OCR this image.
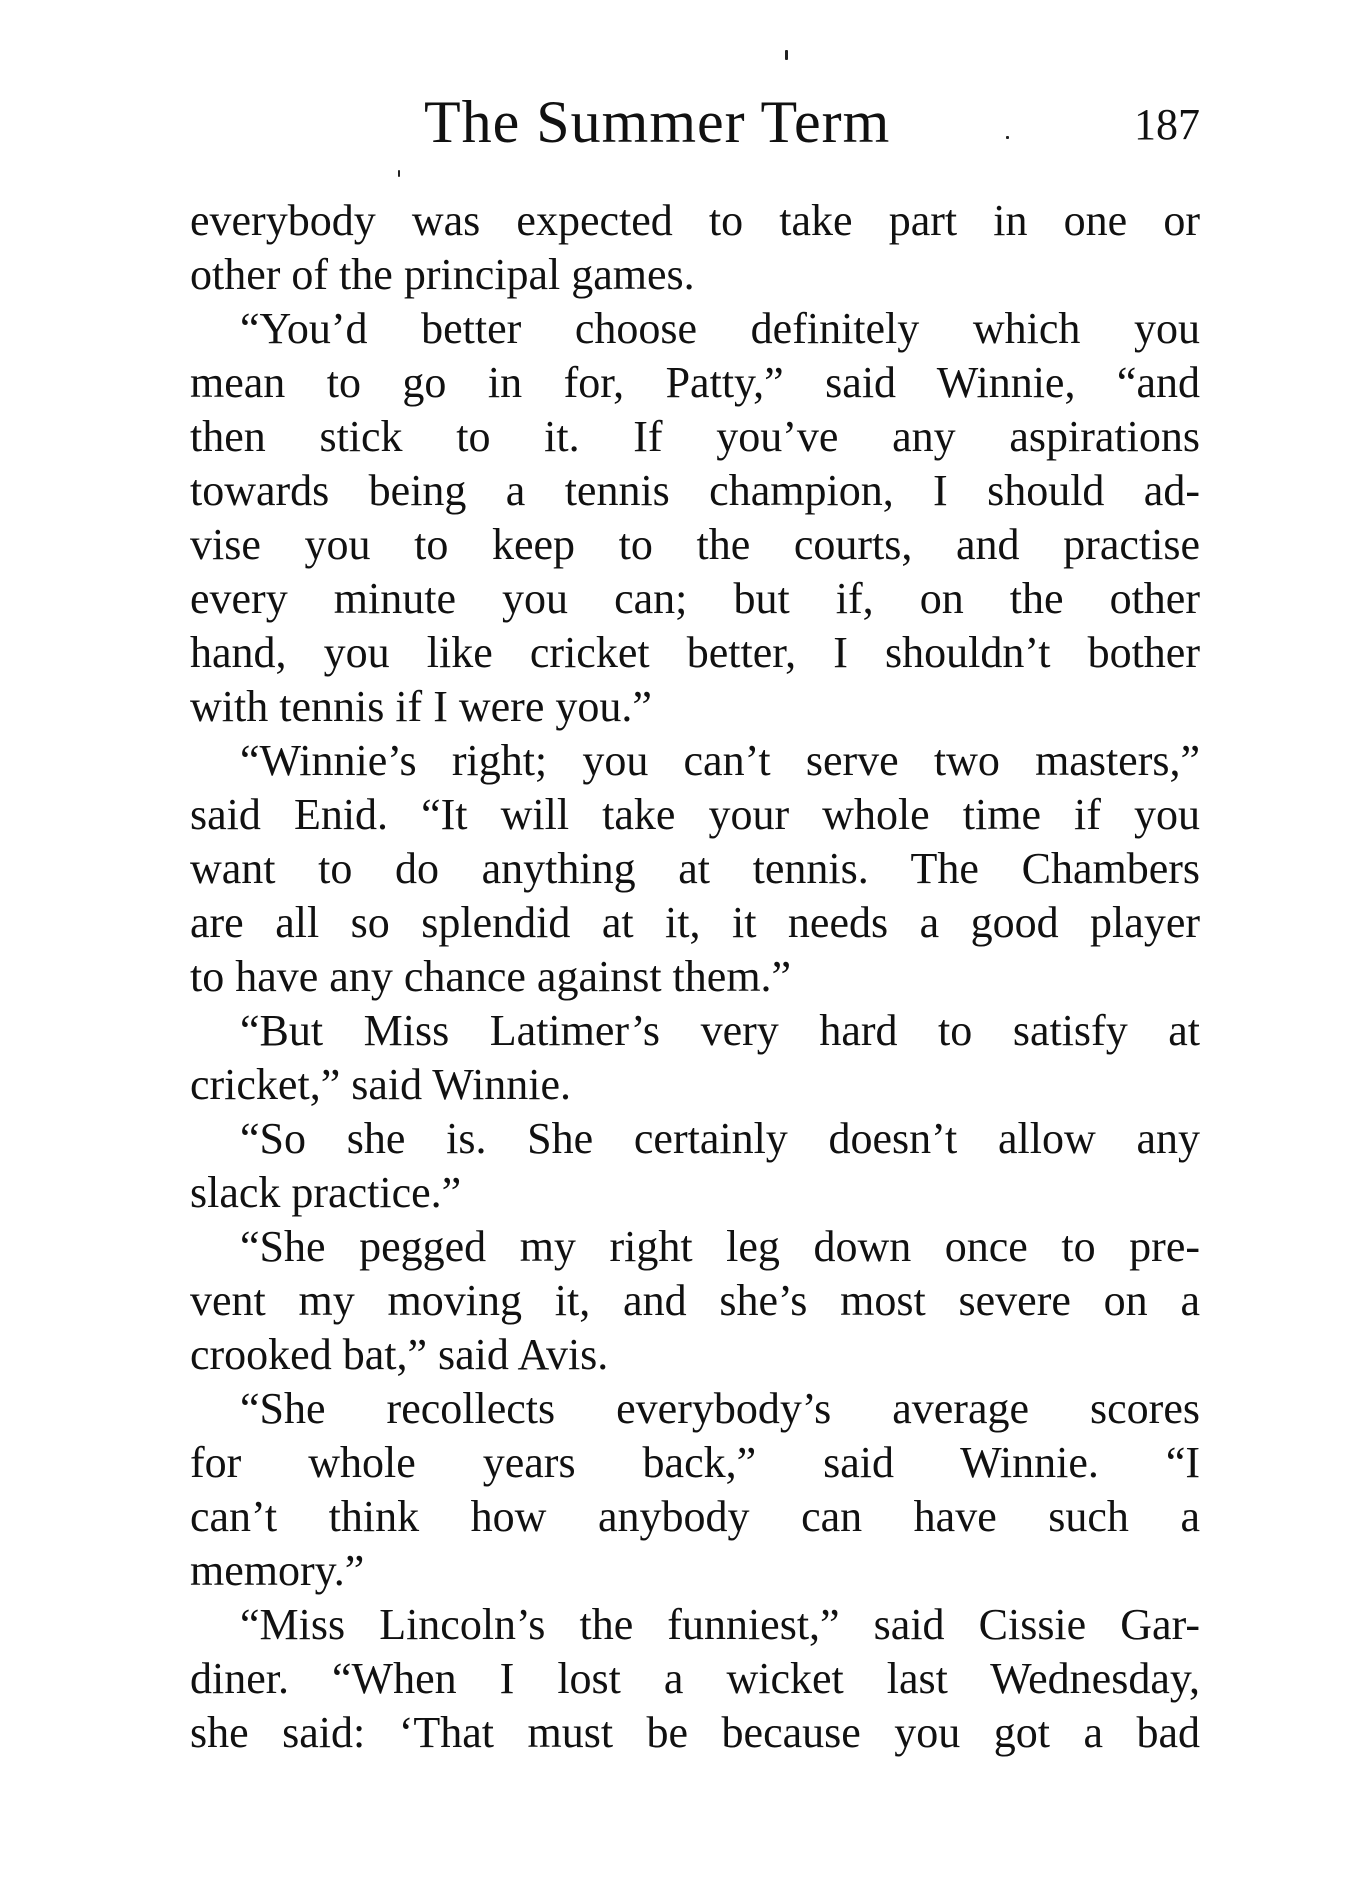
The Summer Term	187
everybody was expected to take part in one or
other of the principal games.
“You’d better choose definitely which you
mean to go in for, Patty,” said Winnie, “and
then stick to it. If you’ve any aspirations
towards being a tennis champion, I should ad-
vise you to keep to the courts, and practise
every minute you can; but if, on the other
hand, you like cricket better, I shouldn’t bother
with tennis if I were you.”
“Winnie’s right; you can’t serve two masters,”
said Enid. “It will take your whole time if you
want to do anything at tennis. The Chambers
are all so splendid at it, it needs a good player
to have any chance against them.”
“But Miss Latimer’s very hard to satisfy at
cricket,” said Winnie.
“So she is. She certainly doesn’t allow any
slack practice.”
“She pegged my right leg down once to pre-
vent my moving it, and she’s most severe on a
crooked bat,” said Avis.
“She recollects everybody’s average scores
for whole years back,” said Winnie. “I
can’t think how anybody can have such a
memory.”
“Miss Lincoln’s the funniest,” said Cissie Gar-
diner. “When I lost a wicket last Wednesday,
she said: ‘That must be because you got a bad
